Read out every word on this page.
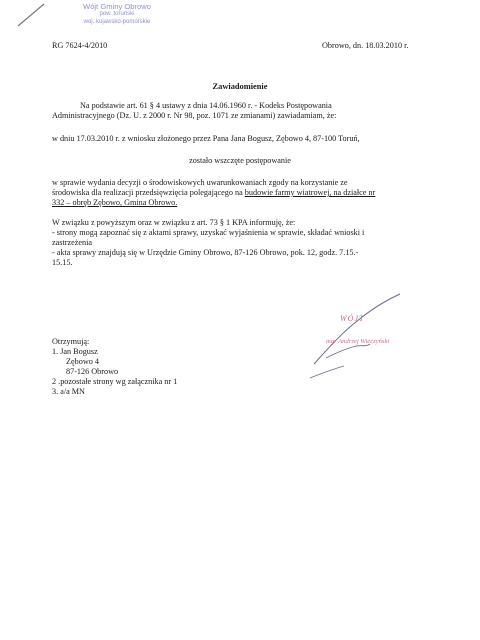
Wójt Gminy Obrowo
pow. toruński
woj. kujawsko-pomorskie
RG 7624-4/2010	Obrowo, dn. 18.03.2010 r.
Zawiadomienie
Na podstawie art. 61 § 4 ustawy z dnia 14.06.1960 r. - Kodeks Postępowania
Administracyjnego (Dz. U. z 2000 r. Nr 98, poz. 1071 ze zmianami) zawiadamiam, że:
w dniu 17.03.2010 r. z wniosku złożonego przez Pana Jana Bogusz, Zębowo 4, 87-100 Toruń,
zostało wszczęte postępowanie
w sprawie wydania decyzji o środowiskowych uwarunkowaniach zgody na korzystanie ze
środowiska dla realizacji przedsięwzięcia polegającego na budowie farmy wiatrowej, na działce nr
332 – obręb Zębowo, Gmina Obrowo.
W związku z powyższym oraz w związku z art. 73 § 1 KPA informuję, że:
- strony mogą zapoznać się z aktami sprawy, uzyskać wyjaśnienia w sprawie, składać wnioski i
zastrzeżenia
- akta sprawy znajdują się w Urzędzie Gminy Obrowo, 87-126 Obrowo, pok. 12, godz. 7.15.-
15.15.
WÓJT
mgr Andrzej Wieczyński
Otrzymują:
1. Jan Bogusz
Zębowo 4
87-126 Obrowo
2 .pozostałe strony wg załącznika nr 1
3. a/a MN
